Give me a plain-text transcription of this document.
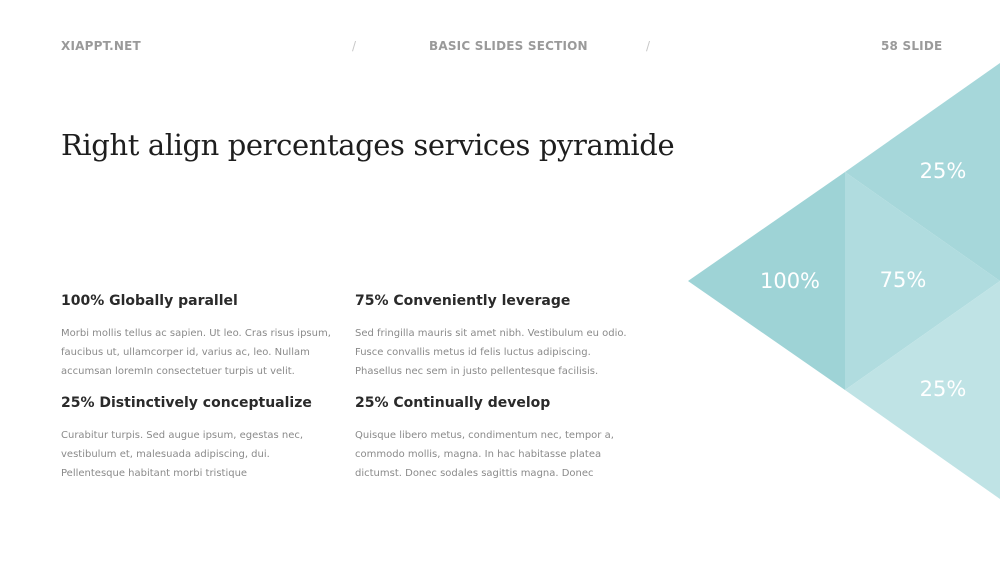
XIAPPT.NET	/	BASIC SLIDES SECTION	/	58 SLIDE
Right align percentages services pyramide
100% Globally parallel

Morbi mollis tellus ac sapien. Ut leo. Cras risus ipsum, faucibus ut, ullamcorper id, varius ac, leo. Nullam accumsan loremIn consectetuer turpis ut velit.

75% Conveniently leverage

Sed fringilla mauris sit amet nibh. Vestibulum eu odio. Fusce convallis metus id felis luctus adipiscing. Phasellus nec sem in justo pellentesque facilisis.

25% Distinctively conceptualize

Curabitur turpis. Sed augue ipsum, egestas nec, vestibulum et, malesuada adipiscing, dui. Pellentesque habitant morbi tristique

25% Continually develop

Quisque libero metus, condimentum nec, tempor a, commodo mollis, magna. In hac habitasse platea dictumst. Donec sodales sagittis magna. Donec

100%	75%
25%
25%
